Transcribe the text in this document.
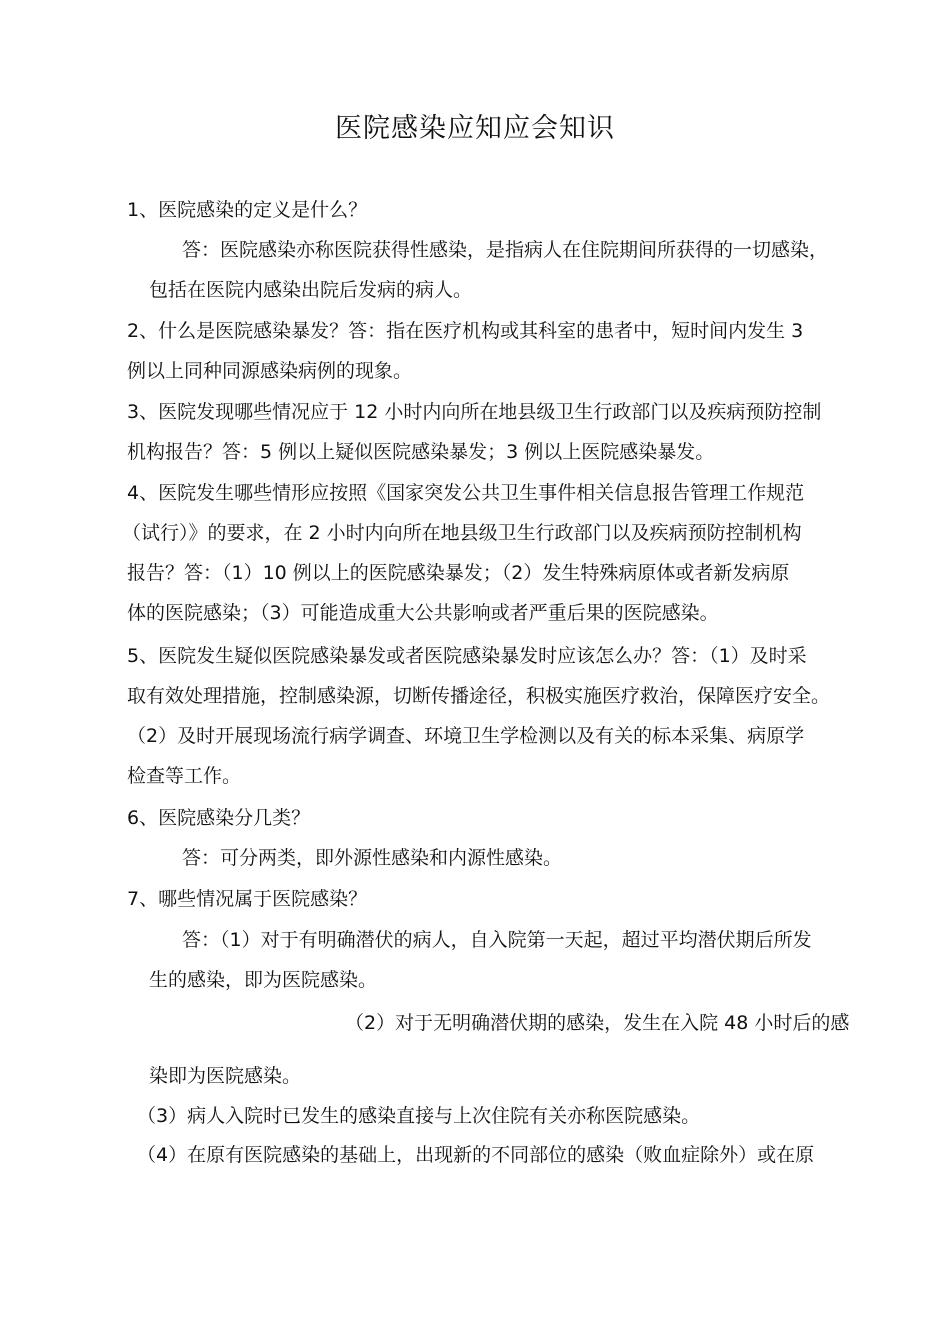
医院感染应知应会知识
1、医院感染的定义是什么？
答：医院感染亦称医院获得性感染，是指病人在住院期间所获得的一切感染，
包括在医院内感染出院后发病的病人。
2、什么是医院感染暴发？答：指在医疗机构或其科室的患者中，短时间内发生 3
例以上同种同源感染病例的现象。
3、医院发现哪些情况应于 12 小时内向所在地县级卫生行政部门以及疾病预防控制
机构报告？答：5 例以上疑似医院感染暴发；3 例以上医院感染暴发。
4、医院发生哪些情形应按照《国家突发公共卫生事件相关信息报告管理工作规范
（试行）》的要求，在 2 小时内向所在地县级卫生行政部门以及疾病预防控制机构
报告？答：（1）10 例以上的医院感染暴发；（2）发生特殊病原体或者新发病原
体的医院感染；（3）可能造成重大公共影响或者严重后果的医院感染。
5、医院发生疑似医院感染暴发或者医院感染暴发时应该怎么办？答：（1）及时采
取有效处理措施，控制感染源，切断传播途径，积极实施医疗救治，保障医疗安全。
（2）及时开展现场流行病学调查、环境卫生学检测以及有关的标本采集、病原学
检查等工作。
6、医院感染分几类？
答：可分两类，即外源性感染和内源性感染。
7、哪些情况属于医院感染？
答：（1）对于有明确潜伏的病人，自入院第一天起，超过平均潜伏期后所发
生的感染，即为医院感染。
（2）对于无明确潜伏期的感染，发生在入院 48 小时后的感
染即为医院感染。
（3）病人入院时已发生的感染直接与上次住院有关亦称医院感染。
（4）在原有医院感染的基础上，出现新的不同部位的感染（败血症除外）或在原
